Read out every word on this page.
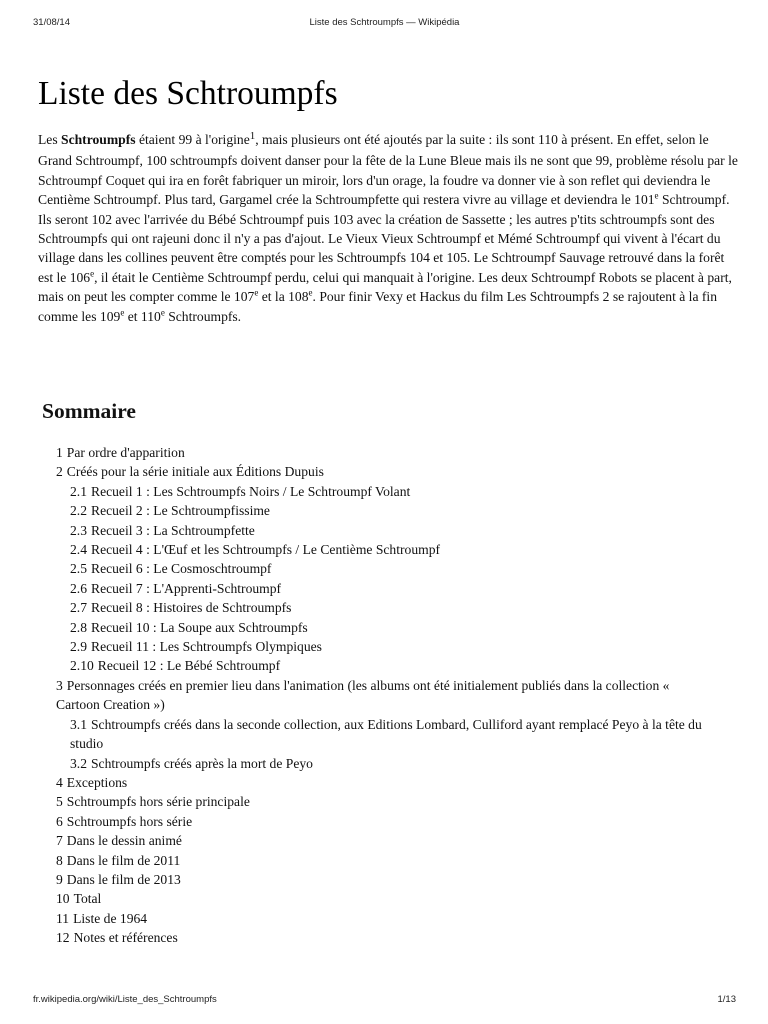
31/08/14	Liste des Schtroumpfs — Wikipédia
Liste des Schtroumpfs

Les Schtroumpfs étaient 99 à l'origine$^1$, mais plusieurs ont été ajoutés par la suite : ils sont 110 à présent. En effet, selon le Grand Schtroumpf, 100 schtroumpfs doivent danser pour la fête de la Lune Bleue mais ils ne sont que 99, problème résolu par le Schtroumpf Coquet qui ira en forêt fabriquer un miroir, lors d'un orage, la foudre va donner vie à son reflet qui deviendra le Centième Schtroumpf. Plus tard, Gargamel crée la Schtroumpfette qui restera vivre au village et deviendra le 101e Schtroumpf. Ils seront 102 avec l'arrivée du Bébé Schtroumpf puis 103 avec la création de Sassette ; les autres p'tits schtroumpfs sont des Schtroumpfs qui ont rajeuni donc il n'y a pas d'ajout. Le Vieux Vieux Schtroumpf et Mémé Schtroumpf qui vivent à l'écart du village dans les collines peuvent être comptés pour les Schtroumpfs 104 et 105. Le Schtroumpf Sauvage retrouvé dans la forêt est le 106e, il était le Centième Schtroumpf perdu, celui qui manquait à l'origine. Les deux Schtroumpf Robots se placent à part, mais on peut les compter comme le 107e et la 108e. Pour finir Vexy et Hackus du film Les Schtroumpfs 2 se rajoutent à la fin comme les 109e et 110e Schtroumpfs.

Sommaire
1 Par ordre d'apparition
2 Créés pour la série initiale aux Éditions Dupuis
2.1 Recueil 1 : Les Schtroumpfs Noirs / Le Schtroumpf Volant
2.2 Recueil 2 : Le Schtroumpfissime
2.3 Recueil 3 : La Schtroumpfette
2.4 Recueil 4 : L'Œuf et les Schtroumpfs / Le Centième Schtroumpf
2.5 Recueil 6 : Le Cosmoschtroumpf
2.6 Recueil 7 : L'Apprenti-Schtroumpf
2.7 Recueil 8 : Histoires de Schtroumpfs
2.8 Recueil 10 : La Soupe aux Schtroumpfs
2.9 Recueil 11 : Les Schtroumpfs Olympiques
2.10 Recueil 12 : Le Bébé Schtroumpf
3 Personnages créés en premier lieu dans l'animation (les albums ont été initialement publiés dans la collection « Cartoon Creation »)
3.1 Schtroumpfs créés dans la seconde collection, aux Editions Lombard, Culliford ayant remplacé Peyo à la tête du studio
3.2 Schtroumpfs créés après la mort de Peyo
4 Exceptions
5 Schtroumpfs hors série principale
6 Schtroumpfs hors série
7 Dans le dessin animé
8 Dans le film de 2011
9 Dans le film de 2013
10 Total
11 Liste de 1964
12 Notes et références
fr.wikipedia.org/wiki/Liste_des_Schtroumpfs	1/13
